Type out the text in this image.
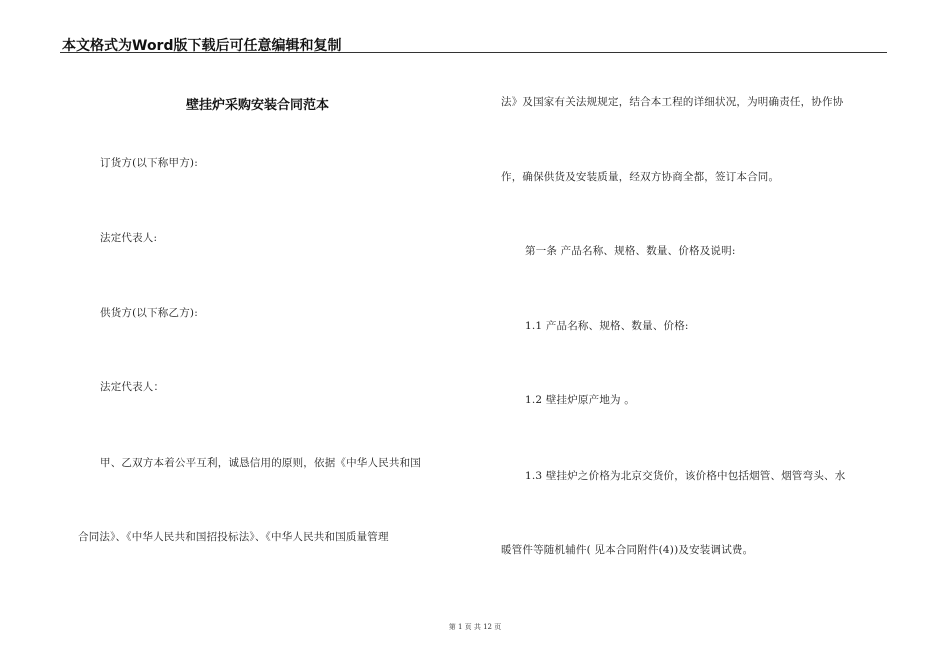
本文格式为Word版下载后可任意编辑和复制
壁挂炉采购安装合同范本
订货方(以下称甲方):
法定代表人:
供货方(以下称乙方):
法定代表人：
甲、乙双方本着公平互利，诚恳信用的原则，依据《中华人民共和国
合同法》、《中华人民共和国招投标法》、《中华人民共和国质量管理
法》及国家有关法规规定，结合本工程的详细状况，为明确责任，协作协
作，确保供货及安装质量，经双方协商全都，签订本合同。
第一条 产品名称、规格、数量、价格及说明:
1.1 产品名称、规格、数量、价格:
1.2 壁挂炉原产地为 。
1.3 壁挂炉之价格为北京交货价，该价格中包括烟管、烟管弯头、水
暖管件等随机辅件( 见本合同附件(4))及安装调试费。
第 1 页 共 12 页
